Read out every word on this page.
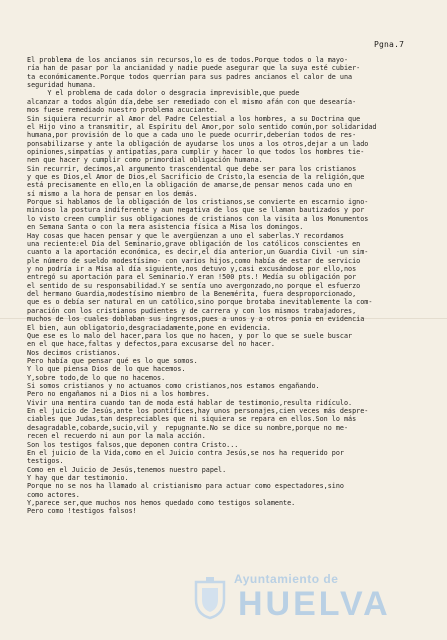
Pgna.7
El problema de los ancianos sin recursos,lo es de todos.Porque todos o la mayo-
ría han de pasar por la ancianidad y nadie puede asegurar que la suya esté cubier-
ta económicamente.Porque todos querrían para sus padres ancianos el calor de una
seguridad humana.
Y el problema de cada dolor o desgracia imprevisible,que puede
alcanzar a todos algún día,debe ser remediado con el mismo afán con que desearía-
mos fuese remediado nuestro problema acuciante.
Sin siquiera recurrir al Amor del Padre Celestial a los hombres, a su Doctrina que
el Hijo vino a transmitir, al Espíritu del Amor,por solo sentido común,por solidaridad
humana,por provisión de lo que a cada uno le puede ocurrir,deberían todos de res-
ponsabilizarse y ante la obligación de ayudarse los unos a los otros,dejar a un lado
opiniones,simpatías y antipatías,para cumplir y hacer lo que todos los hombres tie-
nen que hacer y cumplir como primordial obligación humana.
Sin recurrir, decimos,al argumento trascendental que debe ser para los cristianos
y que es Dios,el Amor de Dios,el Sacrificio de Cristo,la esencia de la religión,que
está precisamente en ello,en la obligación de amarse,de pensar menos cada uno en
sí mismo a la hora de pensar en los demás.
Porque si hablamos de la obligación de los cristianos,se convierte en escarnio igno-
minioso la postura indiferente y aun negativa de los que se llaman bautizados y por
lo visto creen cumplir sus obligaciones de cristianos con la visita a los Monumentos
en Semana Santa o con la mera asistencia física a Misa los domingos.
Hay cosas que hacen pensar y que le avergüenzan a uno el saberlas.Y recordamos
una reciente:el Día del Seminario,grave obligación de los católicos conscientes en
cuanto a la aportación económica, es decir,el día anterior,un Guardia Civil -un sim-
ple número de sueldo modestísimo- con varios hijos,como había de estar de servicio
y no podría ir a Misa al día siguiente,nos detuvo y,casi excusándose por ello,nos
entregó su aportación para el Seminario.Y eran !500 pts.! Medía su obligación por
el sentido de su responsabilidad.Y se sentía uno avergonzado,no porque el esfuerzo
del hermano Guardia,modestísimo miembro de la Benemérita, fuera desproporcionado,
que es o debía ser natural en un católico,sino porque brotaba inevitablemente la com-
paración con los cristianos pudientes y de carrera y con los mismos trabajadores,
muchos de los cuales doblaban sus ingresos,pues a unos y a otros ponía en evidencia
El bien, aun obligatorio,desgraciadamente,pone en evidencia.
Que ese es lo malo del hacer,para los que no hacen, y por lo que se suele buscar
en el que hace,faltas y defectos,para excusarse del no hacer.
Nos decimos cristianos.
Pero había que pensar qué es lo que somos.
Y lo que piensa Dios de lo que hacemos.
Y,sobre todo,de lo que no hacemos.
Si somos cristianos y no actuamos como cristianos,nos estamos engañando.
Pero no engañamos ni a Dios ni a los hombres.
Vivir una mentira cuando tan de moda está hablar de testimonio,resulta ridículo.
En el juicio de Jesús,ante los pontífices,hay unos personajes,cien veces más despre-
ciables que Judas,tan despreciables que ni siquiera se repara en ellos.Son lo más
desagradable,cobarde,sucio,vil y  repugnante.No se dice su nombre,porque no me-
recen el recuerdo ni aun por la mala acción.
Son los testigos falsos,que deponen contra Cristo...
En el juicio de la Vida,como en el Juicio contra Jesús,se nos ha requerido por
testigos.
Como en el Juicio de Jesús,tenemos nuestro papel.
Y hay que dar testimonio.
Porque no se nos ha llamado al cristianismo para actuar como espectadores,sino
como actores.
Y,parece ser,que muchos nos hemos quedado como testigos solamente.
Pero como !testigos falsos!
Ayuntamiento de
HUELVA
